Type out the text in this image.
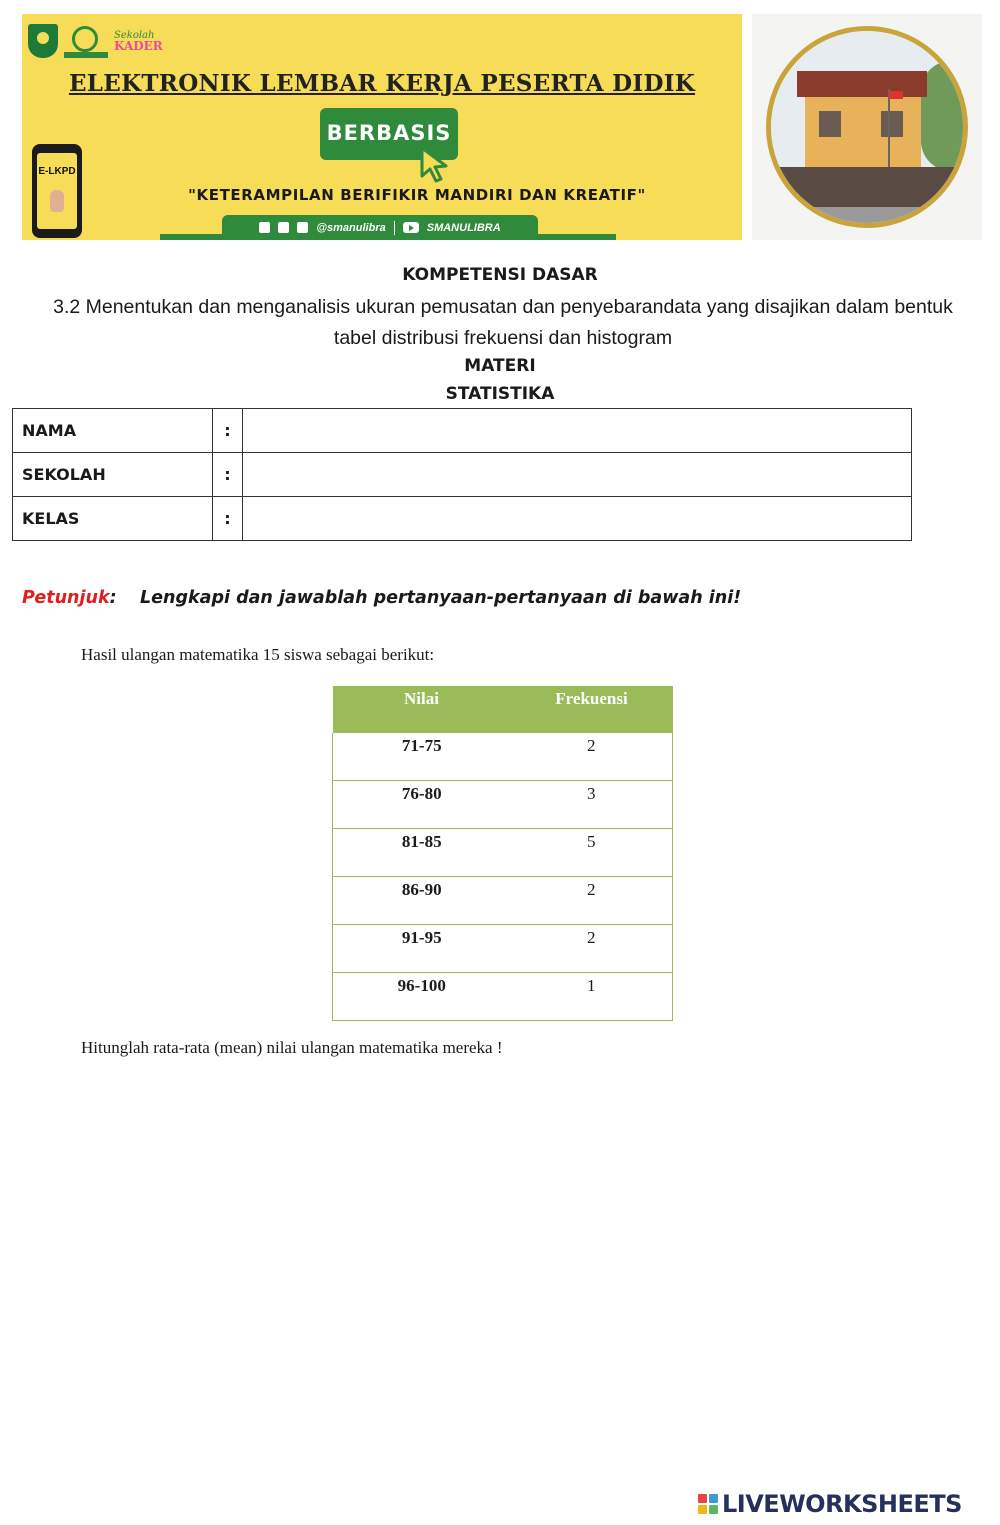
Sekolah
KADER
ELEKTRONIK LEMBAR KERJA PESERTA DIDIK
BERBASIS
"KETERAMPILAN BERIFIKIR MANDIRI DAN KREATIF"
@smanulibra	SMANULIBRA
E-LKPD
KOMPETENSI DASAR
3.2 Menentukan dan menganalisis ukuran pemusatan dan penyebarandata yang disajikan dalam bentuk tabel distribusi frekuensi dan histogram
MATERI
STATISTIKA
NAMA	:	
SEKOLAH	:	
KELAS	:	
Petunjuk: Lengkapi dan jawablah pertanyaan-pertanyaan di bawah ini!
Hasil ulangan matematika 15 siswa sebagai berikut:
Nilai	Frekuensi
71-75	2
76-80	3
81-85	5
86-90	2
91-95	2
96-100	1
Hitunglah rata-rata (mean) nilai ulangan matematika mereka !
LIVEWORKSHEETS
